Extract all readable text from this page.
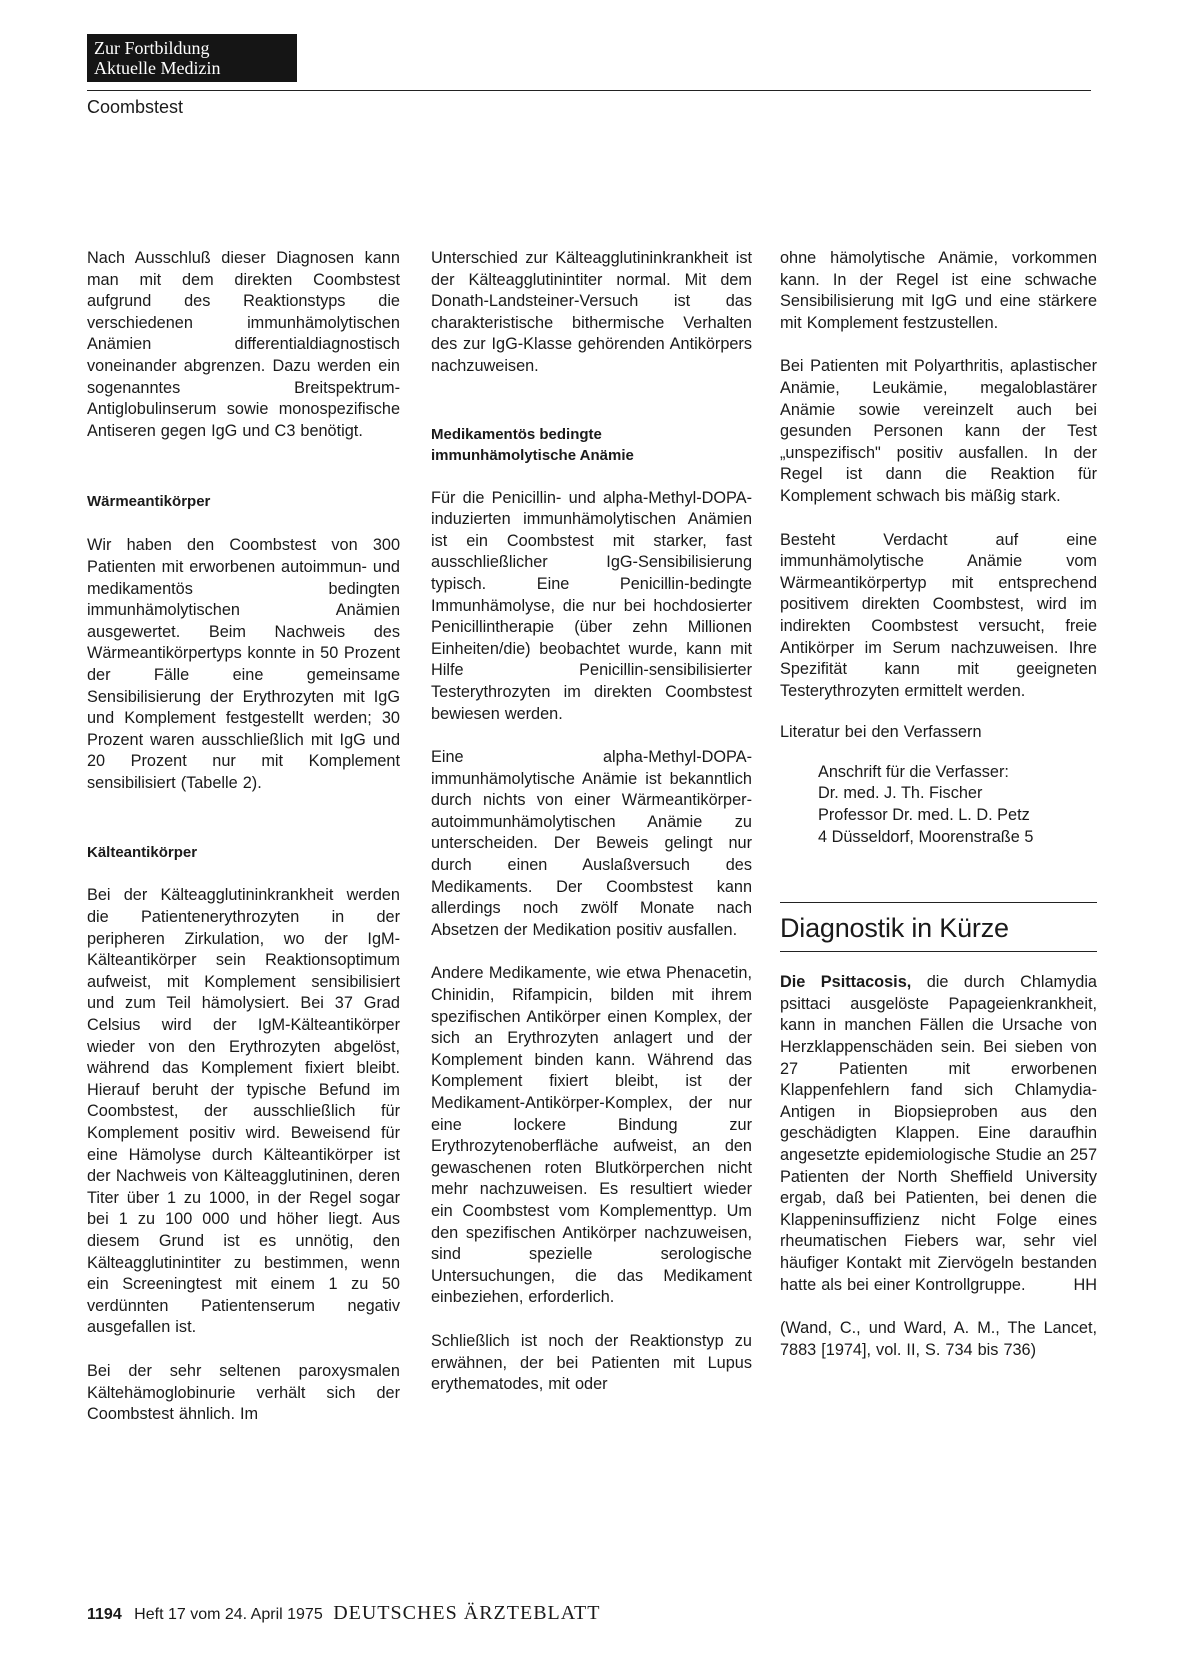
Zur Fortbildung
Aktuelle Medizin
Coombstest

Nach Ausschluß dieser Diagnosen kann man mit dem direkten Coombstest aufgrund des Reaktionstyps die verschiedenen immunhämolytischen Anämien differentialdiagnostisch voneinander abgrenzen. Dazu werden ein sogenanntes Breitspektrum-Antiglobulinserum sowie monospezifische Antiseren gegen IgG und C3 benötigt.

Wärmeantikörper

Wir haben den Coombstest von 300 Patienten mit erworbenen autoimmun- und medikamentös bedingten immunhämolytischen Anämien ausgewertet. Beim Nachweis des Wärmeantikörpertyps konnte in 50 Prozent der Fälle eine gemeinsame Sensibilisierung der Erythrozyten mit IgG und Komplement festgestellt werden; 30 Prozent waren ausschließlich mit IgG und 20 Prozent nur mit Komplement sensibilisiert (Tabelle 2).

Kälteantikörper

Bei der Kälteagglutininkrankheit werden die Patientenerythrozyten in der peripheren Zirkulation, wo der IgM-Kälteantikörper sein Reaktionsoptimum aufweist, mit Komplement sensibilisiert und zum Teil hämolysiert. Bei 37 Grad Celsius wird der IgM-Kälteantikörper wieder von den Erythrozyten abgelöst, während das Komplement fixiert bleibt. Hierauf beruht der typische Befund im Coombstest, der ausschließlich für Komplement positiv wird. Beweisend für eine Hämolyse durch Kälteantikörper ist der Nachweis von Kälteagglutininen, deren Titer über 1 zu 1000, in der Regel sogar bei 1 zu 100 000 und höher liegt. Aus diesem Grund ist es unnötig, den Kälteagglutinintiter zu bestimmen, wenn ein Screeningtest mit einem 1 zu 50 verdünnten Patientenserum negativ ausgefallen ist.

Bei der sehr seltenen paroxysmalen Kältehämoglobinurie verhält sich der Coombstest ähnlich. Im

Unterschied zur Kälteagglutininkrankheit ist der Kälteagglutinintiter normal. Mit dem Donath-Landsteiner-Versuch ist das charakteristische bithermische Verhalten des zur IgG-Klasse gehörenden Antikörpers nachzuweisen.

Medikamentös bedingte

immunhämolytische Anämie

Für die Penicillin- und alpha-Methyl-DOPA-induzierten immunhämolytischen Anämien ist ein Coombstest mit starker, fast ausschließlicher IgG-Sensibilisierung typisch. Eine Penicillin-bedingte Immunhämolyse, die nur bei hochdosierter Penicillintherapie (über zehn Millionen Einheiten/die) beobachtet wurde, kann mit Hilfe Penicillin-sensibilisierter Testerythrozyten im direkten Coombstest bewiesen werden.

Eine alpha-Methyl-DOPA-immunhämolytische Anämie ist bekanntlich durch nichts von einer Wärmeantikörper-autoimmunhämolytischen Anämie zu unterscheiden. Der Beweis gelingt nur durch einen Auslaßversuch des Medikaments. Der Coombstest kann allerdings noch zwölf Monate nach Absetzen der Medikation positiv ausfallen.

Andere Medikamente, wie etwa Phenacetin, Chinidin, Rifampicin, bilden mit ihrem spezifischen Antikörper einen Komplex, der sich an Erythrozyten anlagert und der Komplement binden kann. Während das Komplement fixiert bleibt, ist der Medikament-Antikörper-Komplex, der nur eine lockere Bindung zur Erythrozytenoberfläche aufweist, an den gewaschenen roten Blutkörperchen nicht mehr nachzuweisen. Es resultiert wieder ein Coombstest vom Komplementtyp. Um den spezifischen Antikörper nachzuweisen, sind spezielle serologische Untersuchungen, die das Medikament einbeziehen, erforderlich.

Schließlich ist noch der Reaktionstyp zu erwähnen, der bei Patienten mit Lupus erythematodes, mit oder

ohne hämolytische Anämie, vorkommen kann. In der Regel ist eine schwache Sensibilisierung mit IgG und eine stärkere mit Komplement festzustellen.

Bei Patienten mit Polyarthritis, aplastischer Anämie, Leukämie, megaloblastärer Anämie sowie vereinzelt auch bei gesunden Personen kann der Test „unspezifisch" positiv ausfallen. In der Regel ist dann die Reaktion für Komplement schwach bis mäßig stark.

Besteht Verdacht auf eine immunhämolytische Anämie vom Wärmeantikörpertyp mit entsprechend positivem direkten Coombstest, wird im indirekten Coombstest versucht, freie Antikörper im Serum nachzuweisen. Ihre Spezifität kann mit geeigneten Testerythrozyten ermittelt werden.

Literatur bei den Verfassern

Anschrift für die Verfasser:
Dr. med. J. Th. Fischer
Professor Dr. med. L. D. Petz
4 Düsseldorf, Moorenstraße 5
Diagnostik in Kürze

Die Psittacosis, die durch Chlamydia psittaci ausgelöste Papageienkrankheit, kann in manchen Fällen die Ursache von Herzklappenschäden sein. Bei sieben von 27 Patienten mit erworbenen Klappenfehlern fand sich Chlamydia-Antigen in Biopsieproben aus den geschädigten Klappen. Eine daraufhin angesetzte epidemiologische Studie an 257 Patienten der North Sheffield University ergab, daß bei Patienten, bei denen die Klappeninsuffizienz nicht Folge eines rheumatischen Fiebers war, sehr viel häufiger Kontakt mit Ziervögeln bestanden hatte als bei einer Kontrollgruppe.	HH

(Wand, C., und Ward, A. M., The Lancet, 7883 [1974], vol. II, S. 734 bis 736)

1194 Heft 17 vom 24. April 1975 DEUTSCHES ÄRZTEBLATT
